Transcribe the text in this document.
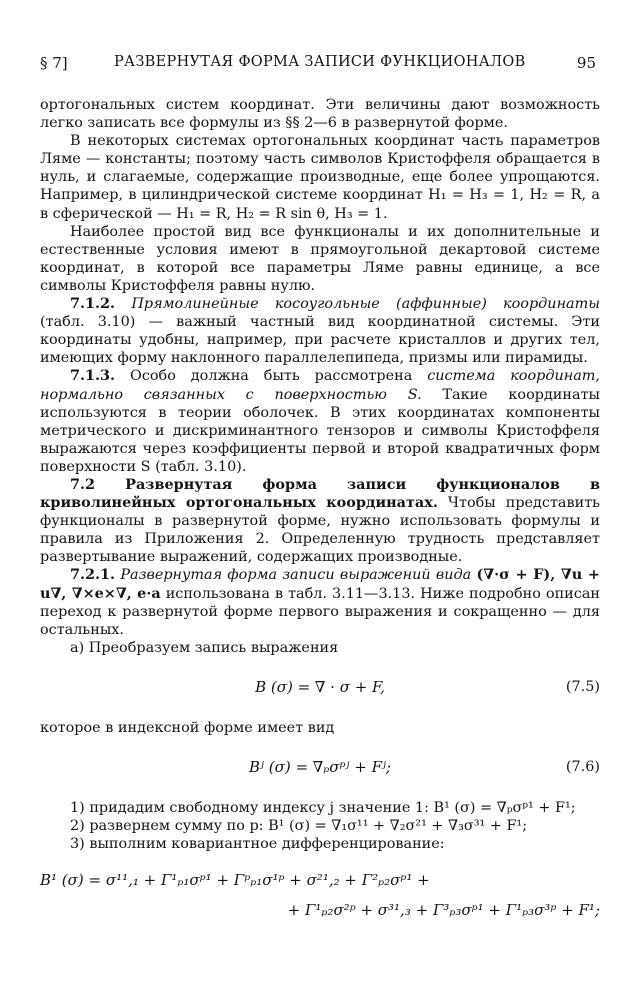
§ 7]	РАЗВЕРНУТАЯ ФОРМА ЗАПИСИ ФУНКЦИОНАЛОВ	95

ортогональных систем координат. Эти величины дают возможность легко записать все формулы из §§ 2—6 в развернутой форме.

В некоторых системах ортогональных координат часть параметров Ляме — константы; поэтому часть символов Кристоффеля обращается в нуль, и слагаемые, содержащие производные, еще более упрощаются. Например, в цилиндрической системе координат H₁ = H₃ = 1, H₂ = R, а в сферической — H₁ = R, H₂ = R sin θ, H₃ = 1.

Наиболее простой вид все функционалы и их дополнительные и естественные условия имеют в прямоугольной декартовой системе координат, в которой все параметры Ляме равны единице, а все символы Кристоффеля равны нулю.

7.1.2. Прямолинейные косоугольные (аффинные) координаты (табл. 3.10) — важный частный вид координатной системы. Эти координаты удобны, например, при расчете кристаллов и других тел, имеющих форму наклонного параллелепипеда, призмы или пирамиды.

7.1.3. Особо должна быть рассмотрена система координат, нормально связанных с поверхностью S. Такие координаты используются в теории оболочек. В этих координатах компоненты метрического и дискриминантного тензоров и символы Кристоффеля выражаются через коэффициенты первой и второй квадратичных форм поверхности S (табл. 3.10).

7.2 Развернутая форма записи функционалов в криволинейных ортогональных координатах. Чтобы представить функционалы в развернутой форме, нужно использовать формулы и правила из Приложения 2. Определенную трудность представляет развертывание выражений, содержащих производные.

7.2.1. Развернутая форма записи выражений вида (∇·σ + F), ∇u + u∇, ∇×e×∇, e·a использована в табл. 3.11—3.13. Ниже подробно описан переход к развернутой форме первого выражения и сокращенно — для остальных.

а) Преобразуем запись выражения

B (σ) = ∇ · σ + F,	(7.5)

которое в индексной форме имеет вид

Bʲ (σ) = ∇ₚσᵖʲ + Fʲ;	(7.6)

1) придадим свободному индексу j значение 1: B¹ (σ) = ∇ₚσᵖ¹ + F¹;

2) развернем сумму по p: B¹ (σ) = ∇₁σ¹¹ + ∇₂σ²¹ + ∇₃σ³¹ + F¹;

3) выполним ковариантное дифференцирование:

B¹ (σ) = σ¹¹,₁ + Γ¹ₚ₁σᵖ¹ + Γᵖₚ₁σ¹ᵖ + σ²¹,₂ + Γ²ₚ₂σᵖ¹ +
+ Γ¹ₚ₂σ²ᵖ + σ³¹,₃ + Γ³ₚ₃σᵖ¹ + Γ¹ₚ₃σ³ᵖ + F¹;
